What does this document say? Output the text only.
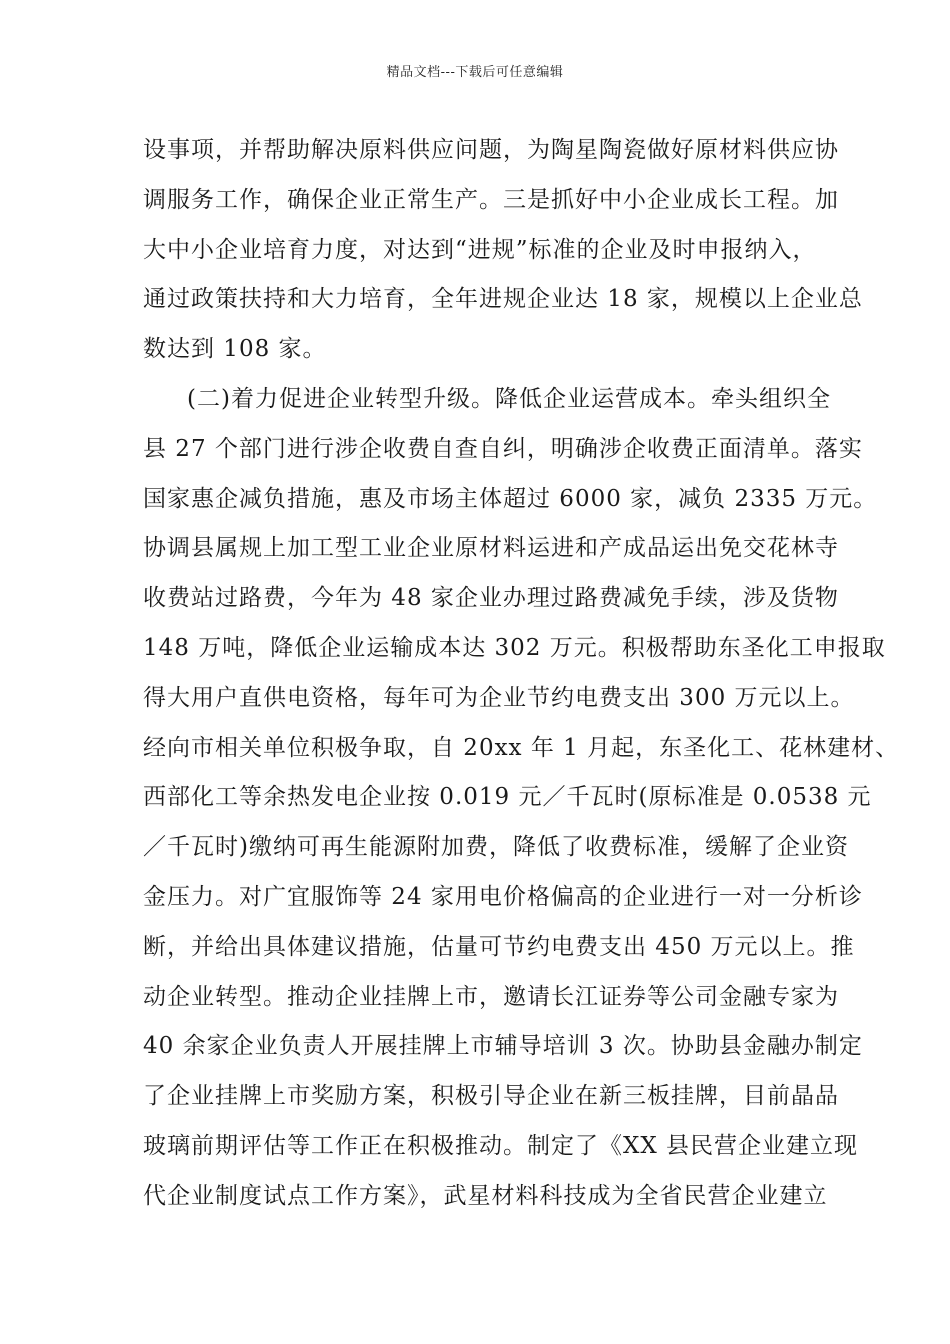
精品文档---下载后可任意编辑
设事项，并帮助解决原料供应问题，为陶星陶瓷做好原材料供应协
调服务工作，确保企业正常生产。三是抓好中小企业成长工程。加
大中小企业培育力度，对达到“进规”标准的企业及时申报纳入，
通过政策扶持和大力培育，全年进规企业达 18 家，规模以上企业总
数达到 108 家。
(二)着力促进企业转型升级。降低企业运营成本。牵头组织全
县 27 个部门进行涉企收费自查自纠，明确涉企收费正面清单。落实
国家惠企减负措施，惠及市场主体超过 6000 家，减负 2335 万元。
协调县属规上加工型工业企业原材料运进和产成品运出免交花林寺
收费站过路费，今年为 48 家企业办理过路费减免手续，涉及货物
148 万吨，降低企业运输成本达 302 万元。积极帮助东圣化工申报取
得大用户直供电资格，每年可为企业节约电费支出 300 万元以上。
经向市相关单位积极争取，自 20xx 年 1 月起，东圣化工、花林建材、
西部化工等余热发电企业按 0.019 元／千瓦时(原标准是 0.0538 元
／千瓦时)缴纳可再生能源附加费，降低了收费标准，缓解了企业资
金压力。对广宜服饰等 24 家用电价格偏高的企业进行一对一分析诊
断，并给出具体建议措施，估量可节约电费支出 450 万元以上。推
动企业转型。推动企业挂牌上市，邀请长江证券等公司金融专家为
40 余家企业负责人开展挂牌上市辅导培训 3 次。协助县金融办制定
了企业挂牌上市奖励方案，积极引导企业在新三板挂牌，目前晶品
玻璃前期评估等工作正在积极推动。制定了《XX 县民营企业建立现
代企业制度试点工作方案》，武星材料科技成为全省民营企业建立
